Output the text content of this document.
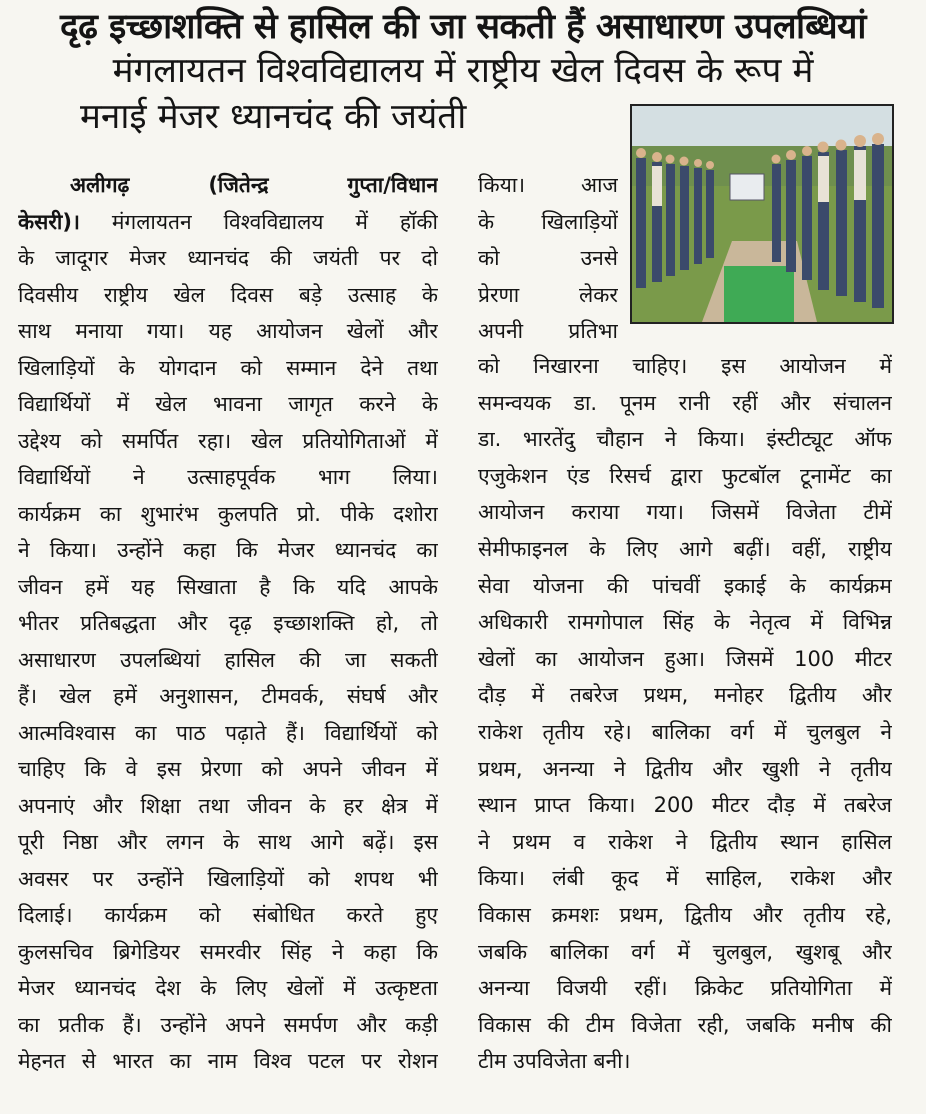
दृढ़ इच्छाशक्ति से हासिल की जा सकती हैं असाधारण उपलब्धियां
मंगलायतन विश्वविद्यालय में राष्ट्रीय खेल दिवस के रूप में
मनाई मेजर ध्यानचंद की जयंती
अलीगढ़ (जितेन्द्र गुप्ता/विधान
केसरी)। मंगलायतन विश्वविद्यालय में हॉकी
के जादूगर मेजर ध्यानचंद की जयंती पर दो
दिवसीय राष्ट्रीय खेल दिवस बड़े उत्साह के
साथ मनाया गया। यह आयोजन खेलों और
खिलाड़ियों के योगदान को सम्मान देने तथा
विद्यार्थियों में खेल भावना जागृत करने के
उद्देश्य को समर्पित रहा। खेल प्रतियोगिताओं में
विद्यार्थियों ने उत्साहपूर्वक भाग लिया।
कार्यक्रम का शुभारंभ कुलपति प्रो. पीके दशोरा
ने किया। उन्होंने कहा कि मेजर ध्यानचंद का
जीवन हमें यह सिखाता है कि यदि आपके
भीतर प्रतिबद्धता और दृढ़ इच्छाशक्ति हो, तो
असाधारण उपलब्धियां हासिल की जा सकती
हैं। खेल हमें अनुशासन, टीमवर्क, संघर्ष और
आत्मविश्वास का पाठ पढ़ाते हैं। विद्यार्थियों को
चाहिए कि वे इस प्रेरणा को अपने जीवन में
अपनाएं और शिक्षा तथा जीवन के हर क्षेत्र में
पूरी निष्ठा और लगन के साथ आगे बढ़ें। इस
अवसर पर उन्होंने खिलाड़ियों को शपथ भी
दिलाई। कार्यक्रम को संबोधित करते हुए
कुलसचिव ब्रिगेडियर समरवीर सिंह ने कहा कि
मेजर ध्यानचंद देश के लिए खेलों में उत्कृष्टता
का प्रतीक हैं। उन्होंने अपने समर्पण और कड़ी
मेहनत से भारत का नाम विश्व पटल पर रोशन
किया। आज
के खिलाड़ियों
को उनसे
प्रेरणा लेकर
अपनी प्रतिभा
को निखारना चाहिए। इस आयोजन में
समन्वयक डा. पूनम रानी रहीं और संचालन
डा. भारतेंदु चौहान ने किया। इंस्टीट्यूट ऑफ
एजुकेशन एंड रिसर्च द्वारा फुटबॉल टूनामेंट का
आयोजन कराया गया। जिसमें विजेता टीमें
सेमीफाइनल के लिए आगे बढ़ीं। वहीं, राष्ट्रीय
सेवा योजना की पांचवीं इकाई के कार्यक्रम
अधिकारी रामगोपाल सिंह के नेतृत्व में विभिन्न
खेलों का आयोजन हुआ। जिसमें 100 मीटर
दौड़ में तबरेज प्रथम, मनोहर द्वितीय और
राकेश तृतीय रहे। बालिका वर्ग में चुलबुल ने
प्रथम, अनन्या ने द्वितीय और खुशी ने तृतीय
स्थान प्राप्त किया। 200 मीटर दौड़ में तबरेज
ने प्रथम व राकेश ने द्वितीय स्थान हासिल
किया। लंबी कूद में साहिल, राकेश और
विकास क्रमशः प्रथम, द्वितीय और तृतीय रहे,
जबकि बालिका वर्ग में चुलबुल, खुशबू और
अनन्या विजयी रहीं। क्रिकेट प्रतियोगिता में
विकास की टीम विजेता रही, जबकि मनीष की
टीम उपविजेता बनी।
